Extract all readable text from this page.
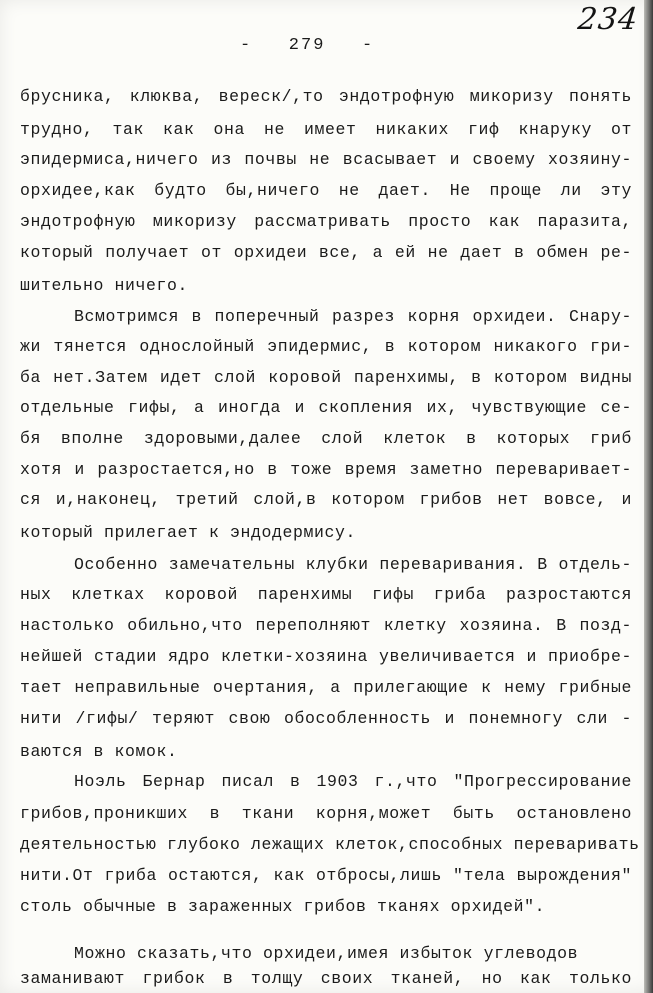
234
-   279   -
брусника, клюква, вереск/,то эндотрофную микоризу понять
трудно, так как она не имеет никаких гиф кнаруку от
эпидермиса,ничего из почвы не всасывает и своему хозяину-
орхидее,как будто бы,ничего не дает. Не проще ли эту
эндотрофную микоризу рассматривать просто как паразита,
который получает от орхидеи все, а ей не дает в обмен ре-
шительно ничего.
Всмотримся в поперечный разрез корня орхидеи. Снару-
жи тянется однослойный эпидермис, в котором никакого гри-
ба нет.Затем идет слой коровой паренхимы, в котором видны
отдельные гифы, а иногда и скопления их, чувствующие се-
бя вполне здоровыми,далее слой клеток в которых гриб
хотя и разростается,но в тоже время заметно переваривает-
ся и,наконец, третий слой,в котором грибов нет вовсе, и
который прилегает к эндодермису.
Особенно замечательны клубки переваривания. В отдель-
ных клетках коровой паренхимы гифы гриба разростаются
настолько обильно,что переполняют клетку хозяина. В позд-
нейшей стадии ядро клетки-хозяина увеличивается и приобре-
тает неправильные очертания, а прилегающие к нему грибные
нити /гифы/ теряют свою обособленность и понемногу сли -
ваются в комок.
Ноэль Бернар писал в 1903 г.,что "Прогрессирование
грибов,проникших в ткани корня,может быть остановлено
деятельностью глубоко лежащих клеток,способных переваривать
нити.От гриба остаются, как отбросы,лишь "тела вырождения"
столь обычные в зараженных грибов тканях орхидей".
Можно сказать,что орхидеи,имея избыток углеводов
заманивают грибок в толщу своих тканей, но как только
